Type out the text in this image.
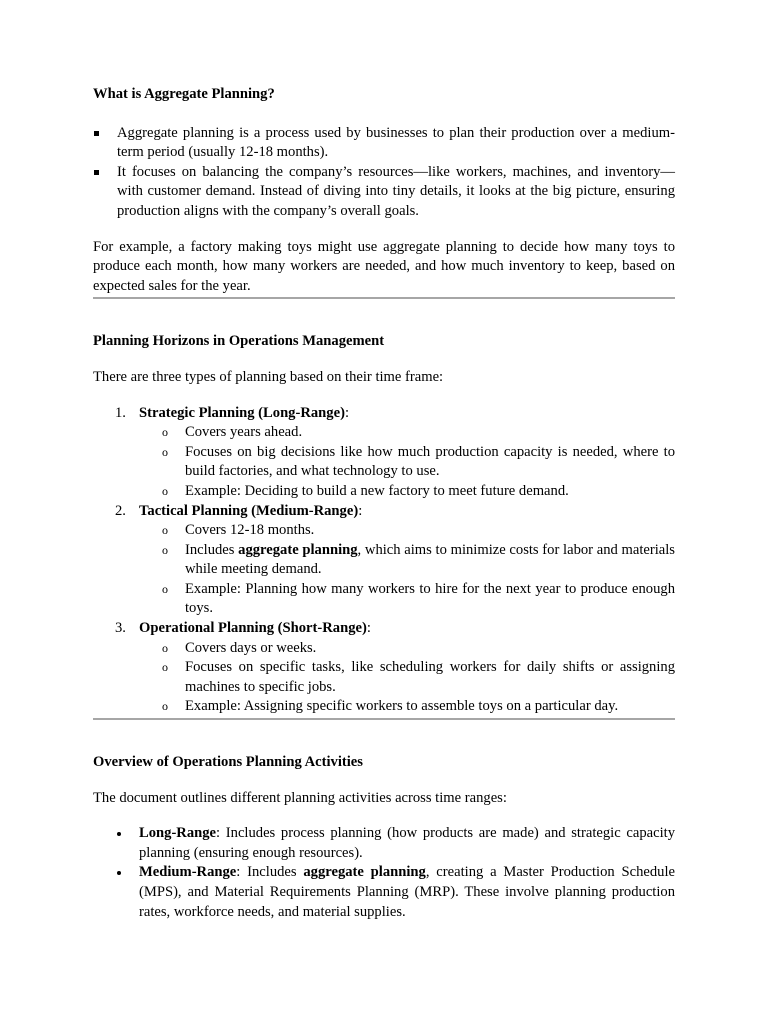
What is Aggregate Planning?
Aggregate planning is a process used by businesses to plan their production over a medium-term period (usually 12-18 months).
It focuses on balancing the company’s resources—like workers, machines, and inventory—with customer demand. Instead of diving into tiny details, it looks at the big picture, ensuring production aligns with the company’s overall goals.

For example, a factory making toys might use aggregate planning to decide how many toys to produce each month, how many workers are needed, and how much inventory to keep, based on expected sales for the year.

Planning Horizons in Operations Management

There are three types of planning based on their time frame:

1. Strategic Planning (Long-Range):
o Covers years ahead.
o Focuses on big decisions like how much production capacity is needed, where to build factories, and what technology to use.
o Example: Deciding to build a new factory to meet future demand.
2. Tactical Planning (Medium-Range):
o Covers 12-18 months.
o Includes aggregate planning, which aims to minimize costs for labor and materials while meeting demand.
o Example: Planning how many workers to hire for the next year to produce enough toys.
3. Operational Planning (Short-Range):
o Covers days or weeks.
o Focuses on specific tasks, like scheduling workers for daily shifts or assigning machines to specific jobs.
o Example: Assigning specific workers to assemble toys on a particular day.
Overview of Operations Planning Activities

The document outlines different planning activities across time ranges:

Long-Range: Includes process planning (how products are made) and strategic capacity planning (ensuring enough resources).
Medium-Range: Includes aggregate planning, creating a Master Production Schedule (MPS), and Material Requirements Planning (MRP). These involve planning production rates, workforce needs, and material supplies.
